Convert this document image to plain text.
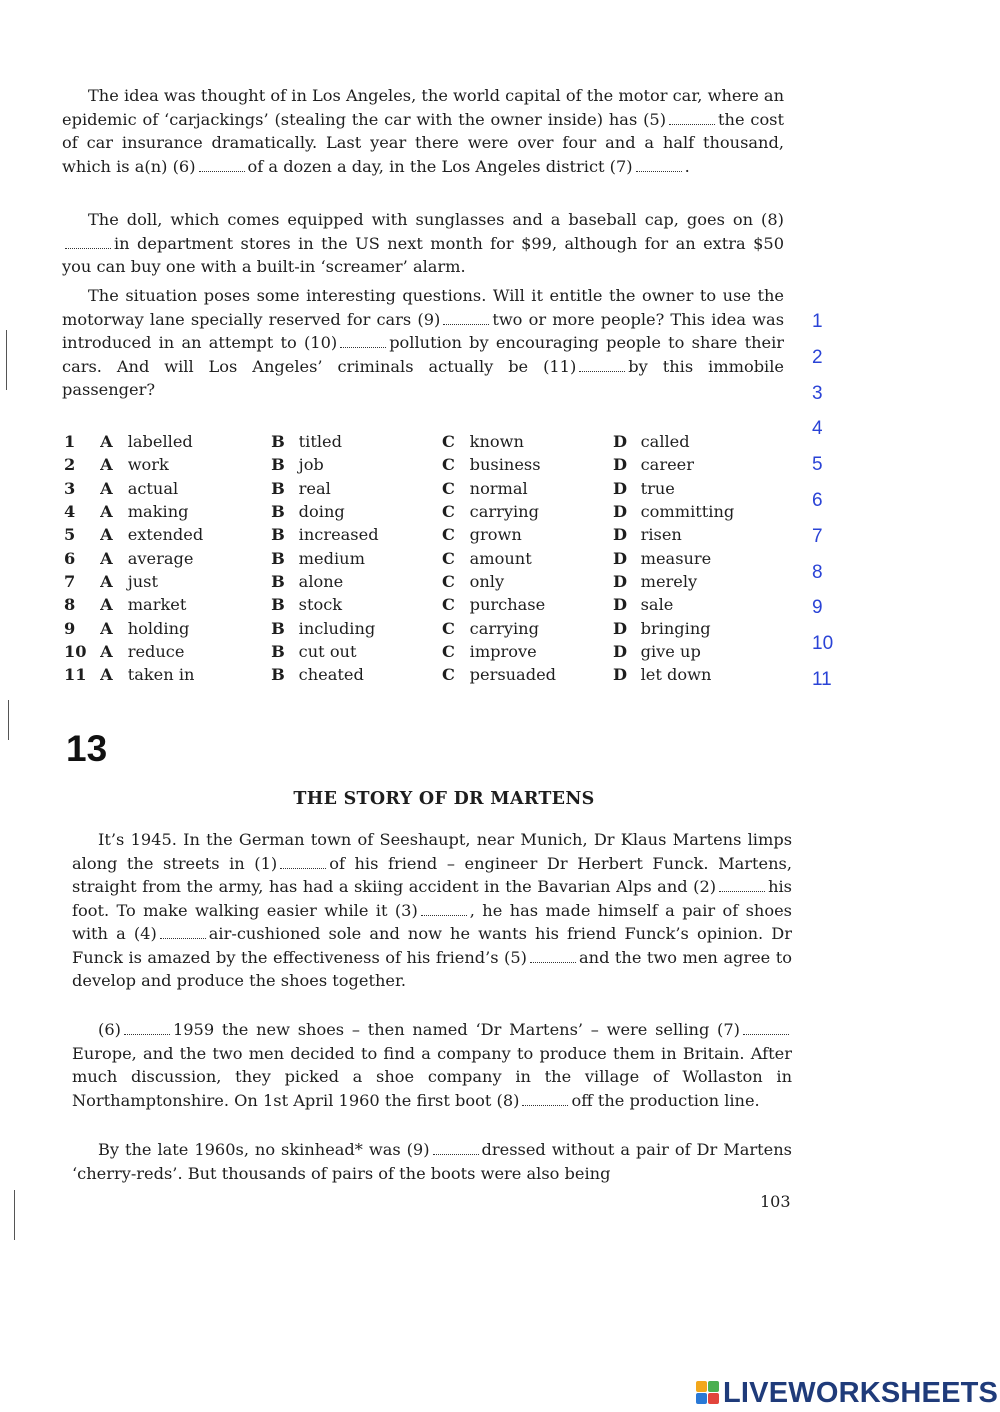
The idea was thought of in Los Angeles, the world capital of the motor car, where an epidemic of ‘carjackings’ (stealing the car with the owner inside) has (5)	the cost of car insurance dramatically. Last year there were over four and a half thousand, which is a(n) (6)	of a dozen a day, in the Los Angeles district (7)	.

The doll, which comes equipped with sunglasses and a baseball cap, goes on (8)in department stores in the US next month for $99, although for an extra $50 you can buy one with a built-in ‘screamer’ alarm.

The situation poses some interesting questions. Will it entitle the owner to use the motorway lane specially reserved for cars (9)	two or more people? This idea was introduced in an attempt to (10)	pollution by encouraging people to share their cars. And will Los Angeles’ criminals actually be (11)	by this immobile passenger?

1	A	labelled	B	titled	C	known	D	called
2	A	work	B	job	C	business	D	career
3	A	actual	B	real	C	normal	D	true
4	A	making	B	doing	C	carrying	D	committing
5	A	extended	B	increased	C	grown	D	risen
6	A	average	B	medium	C	amount	D	measure
7	A	just	B	alone	C	only	D	merely
8	A	market	B	stock	C	purchase	D	sale
9	A	holding	B	including	C	carrying	D	bringing
10	A	reduce	B	cut out	C	improve	D	give up
11	A	taken in	B	cheated	C	persuaded	D	let down
1
2
3
4
5
6
7
8
9
10
11
13
THE STORY OF DR MARTENS

It’s 1945. In the German town of Seeshaupt, near Munich, Dr Klaus Martens limps along the streets in (1)	of his friend – engineer Dr Herbert Funck. Martens, straight from the army, has had a skiing accident in the Bavarian Alps and (2)	his foot. To make walking easier while it (3)	, he has made himself a pair of shoes with a (4)	air-cushioned sole and now he wants his friend Funck’s opinion. Dr Funck is amazed by the effectiveness of his friend’s (5)	and the two men agree to develop and produce the shoes together.

(6)	1959 the new shoes – then named ‘Dr Martens’ – were selling (7)Europe, and the two men decided to find a company to produce them in Britain. After much discussion, they picked a shoe company in the village of Wollaston in Northamptonshire. On 1st April 1960 the first boot (8)	off the production line.

By the late 1960s, no skinhead* was (9)	dressed without a pair of Dr Martens ‘cherry-reds’. But thousands of pairs of the boots were also being

103
LIVEWORKSHEETS
